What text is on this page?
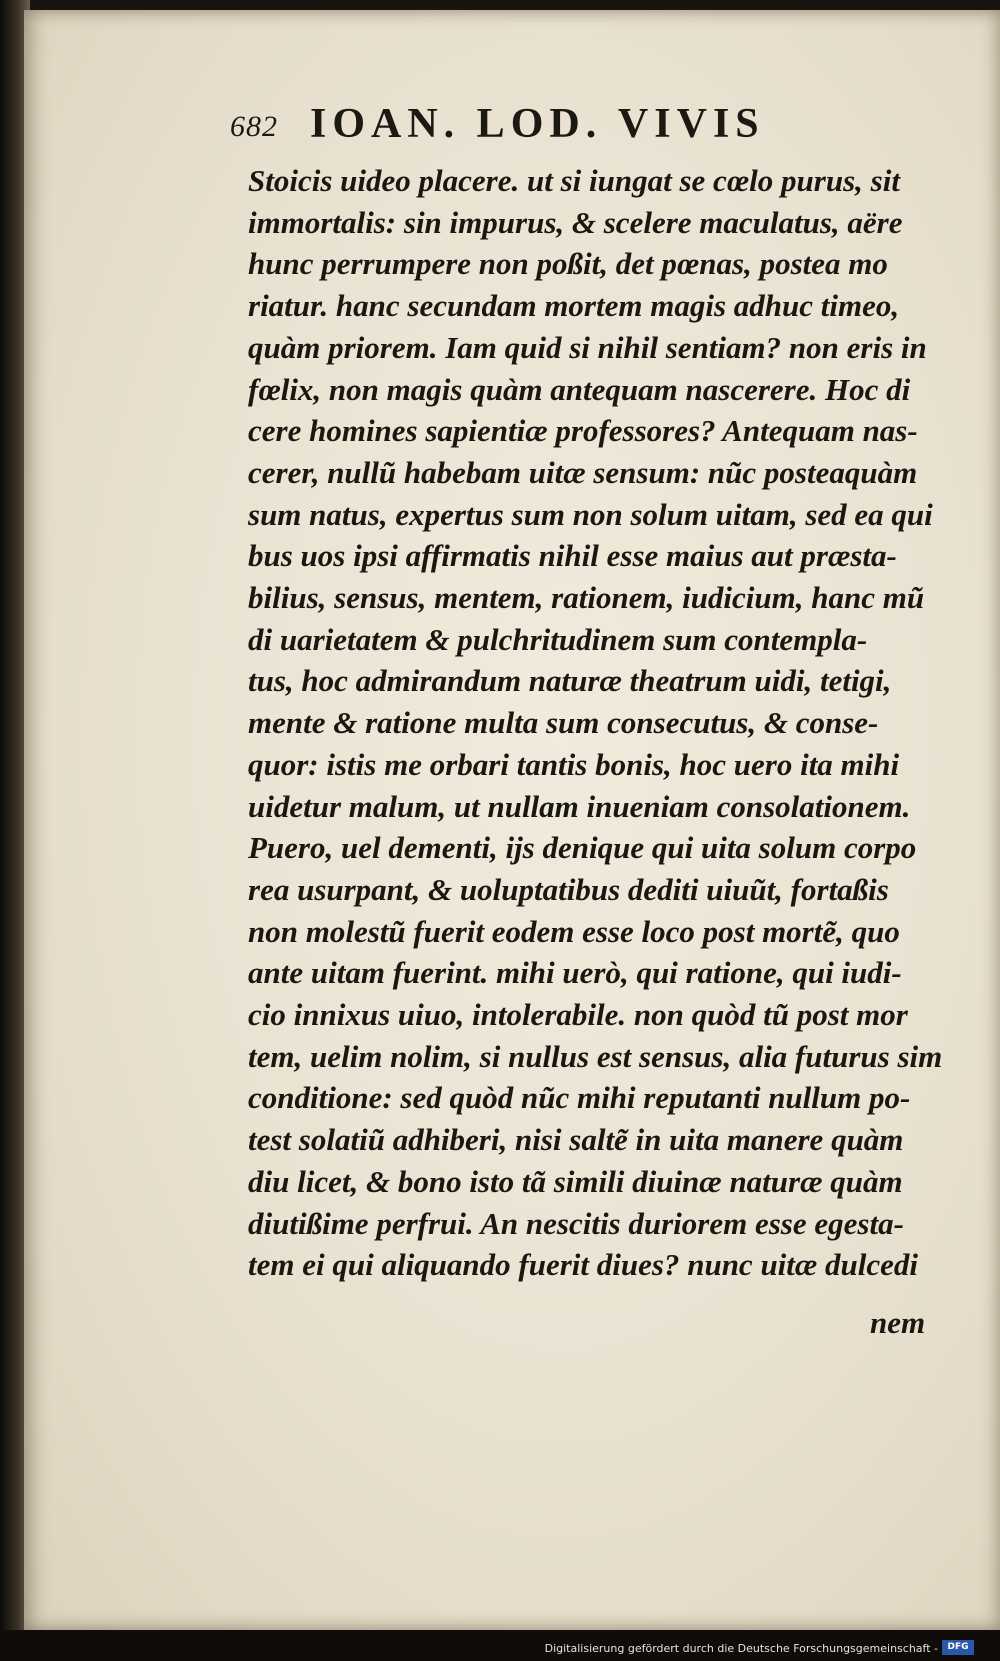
682 IOAN. LOD. VIVIS
Stoicis uideo placere. ut si iungat se cœlo purus, sit
immortalis: sin impurus, & scelere maculatus, aëre
hunc perrumpere non poßit, det pœnas, postea mo
riatur. hanc secundam mortem magis adhuc timeo,
quàm priorem. Iam quid si nihil sentiam? non eris in
fœlix, non magis quàm antequam nascerere. Hoc di
cere homines sapientiæ professores? Antequam nas-
cerer, nullũ habebam uitæ sensum: nũc posteaquàm
sum natus, expertus sum non solum uitam, sed ea qui
bus uos ipsi affirmatis nihil esse maius aut præsta-
bilius, sensus, mentem, rationem, iudicium, hanc mũ
di uarietatem & pulchritudinem sum contempla-
tus, hoc admirandum naturæ theatrum uidi, tetigi,
mente & ratione multa sum consecutus, & conse-
quor: istis me orbari tantis bonis, hoc uero ita mihi
uidetur malum, ut nullam inueniam consolationem.
Puero, uel dementi, ijs denique qui uita solum corpo
rea usurpant, & uoluptatibus dediti uiuũt, fortaßis
non molestũ fuerit eodem esse loco post mortẽ, quo
ante uitam fuerint. mihi uerò, qui ratione, qui iudi-
cio innixus uiuo, intolerabile. non quòd tũ post mor
tem, uelim nolim, si nullus est sensus, alia futurus sim
conditione: sed quòd nũc mihi reputanti nullum po-
test solatiũ adhiberi, nisi saltẽ in uita manere quàm
diu licet, & bono isto tã simili diuinæ naturæ quàm
diutißime perfrui. An nescitis duriorem esse egesta-
tem ei qui aliquando fuerit diues? nunc uitæ dulcedi
nem
Digitalisierung gefördert durch die Deutsche Forschungsgemeinschaft -	DFG
